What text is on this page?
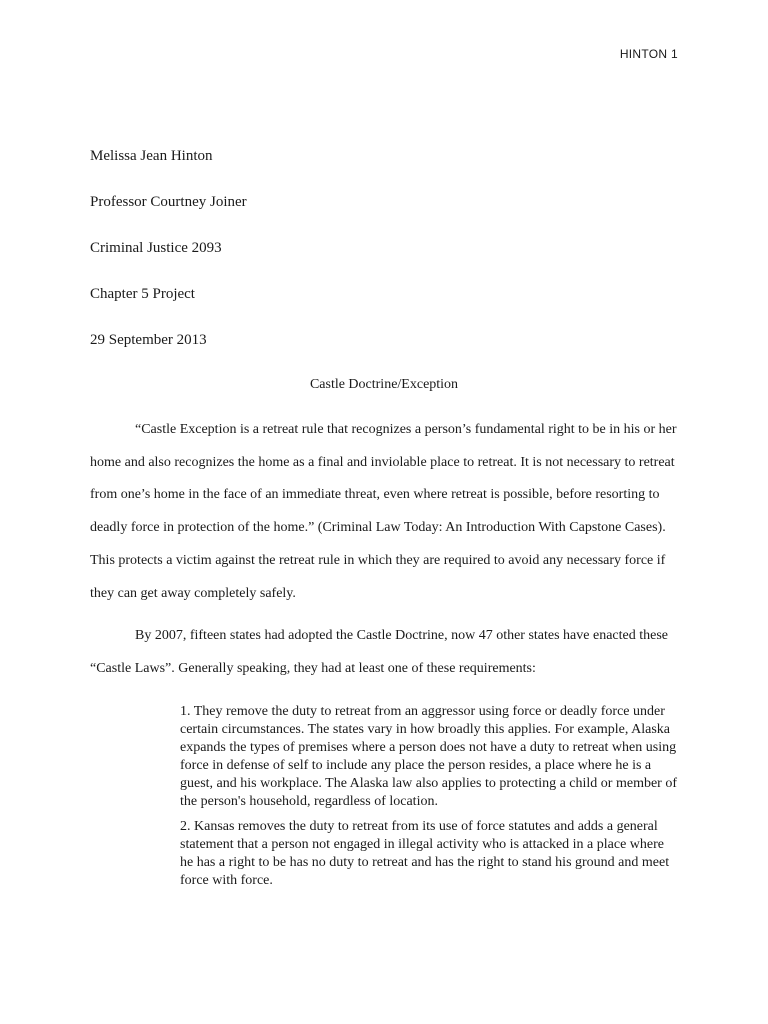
HINTON 1
Melissa Jean Hinton
Professor Courtney Joiner
Criminal Justice 2093
Chapter 5 Project
29 September 2013
Castle Doctrine/Exception

“Castle Exception is a retreat rule that recognizes a person’s fundamental right to be in his or her home and also recognizes the home as a final and inviolable place to retreat. It is not necessary to retreat from one’s home in the face of an immediate threat, even where retreat is possible, before resorting to deadly force in protection of the home.” (Criminal Law Today: An Introduction With Capstone Cases). This protects a victim against the retreat rule in which they are required to avoid any necessary force if they can get away completely safely.

By 2007, fifteen states had adopted the Castle Doctrine, now 47 other states have enacted these “Castle Laws”. Generally speaking, they had at least one of these requirements:

1. They remove the duty to retreat from an aggressor using force or deadly force under certain circumstances. The states vary in how broadly this applies. For example, Alaska expands the types of premises where a person does not have a duty to retreat when using force in defense of self to include any place the person resides, a place where he is a guest, and his workplace. The Alaska law also applies to protecting a child or member of the person's household, regardless of location.

2. Kansas removes the duty to retreat from its use of force statutes and adds a general statement that a person not engaged in illegal activity who is attacked in a place where he has a right to be has no duty to retreat and has the right to stand his ground and meet force with force.
